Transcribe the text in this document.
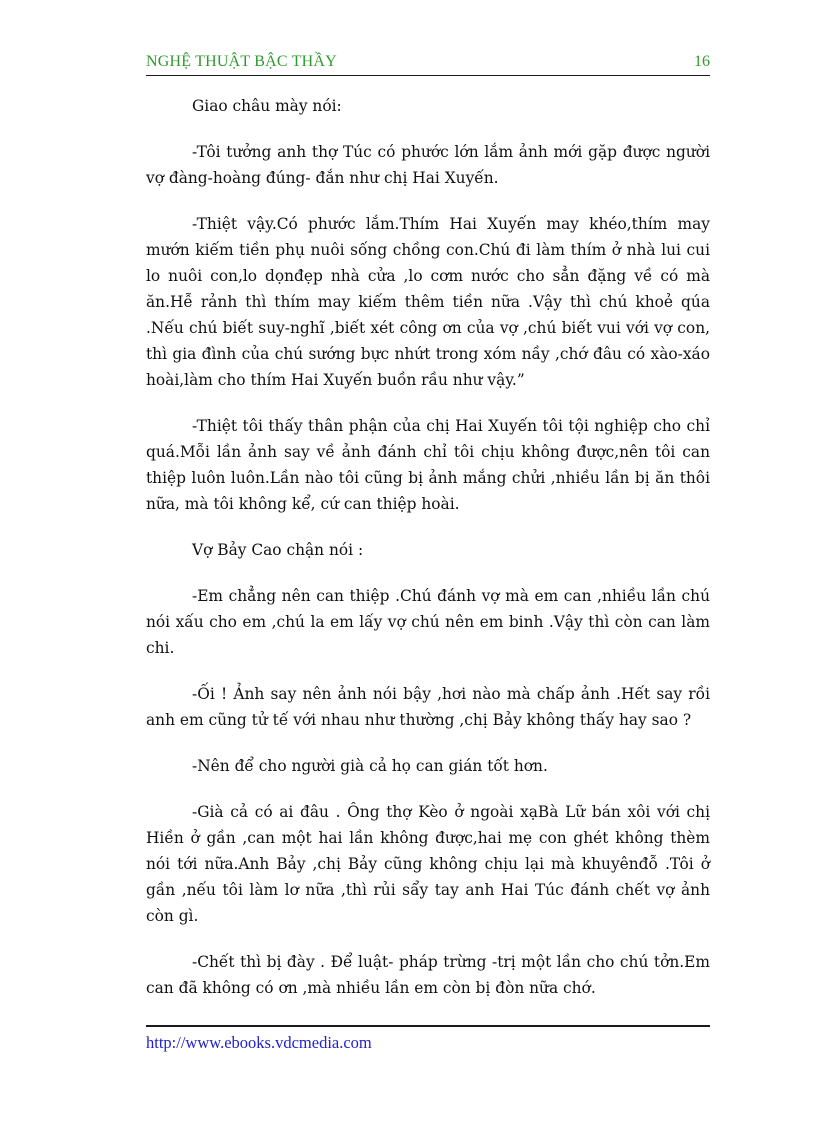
NGHỆ THUẬT BẬC THẦY	16

Giao châu mày nói:

-Tôi tưởng anh thợ Túc có phước lớn lắm ảnh mới gặp được người vợ đàng-hoàng đúng- đắn như chị Hai Xuyến.

-Thiệt vậy.Có phước lắm.Thím Hai Xuyến may khéo,thím may mướn kiếm tiền phụ nuôi sống chồng con.Chú đi làm thím ở nhà lui cui lo nuôi con,lo dọnđẹp nhà cửa ,lo cơm nước cho sẳn đặng về có mà ăn.Hễ rảnh thì thím may kiếm thêm tiền nữa .Vậy thì chú khoẻ qúa .Nếu chú biết suy-nghĩ ,biết xét công ơn của vợ ,chú biết vui với vợ con, thì gia đình của chú sướng bực nhứt trong xóm nầy ,chớ đâu có xào-xáo hoài,làm cho thím Hai Xuyến buồn rầu như vậy.”

-Thiệt tôi thấy thân phận của chị Hai Xuyến tôi tội nghiệp cho chỉ quá.Mỗi lần ảnh say về ảnh đánh chỉ tôi chịu không được,nên tôi can thiệp luôn luôn.Lần nào tôi cũng bị ảnh mắng chửi ,nhiều lần bị ăn thôi nữa, mà tôi không kể, cứ can thiệp hoài.

Vợ Bảy Cao chận nói :

-Em chẳng nên can thiệp .Chú đánh vợ mà em can ,nhiều lần chú nói xấu cho em ,chú la em lấy vợ chú nên em binh .Vậy thì còn can làm chi.

-Ối ! Ảnh say nên ảnh nói bậy ,hơi nào mà chấp ảnh .Hết say rồi anh em cũng tử tế với nhau như thường ,chị Bảy không thấy hay sao ?

-Nên để cho người già cả họ can gián tốt hơn.

-Già cả có ai đâu . Ông thợ Kèo ở ngoài xạBà Lữ bán xôi với chị Hiền ở gần ,can một hai lần không được,hai mẹ con ghét không thèm nói tới nữa.Anh Bảy ,chị Bảy cũng không chịu lại mà khuyênđỗ .Tôi ở gần ,nếu tôi làm lơ nữa ,thì rủi sẩy tay anh Hai Túc đánh chết vợ ảnh còn gì.

-Chết thì bị đày . Để luật- pháp trừng -trị một lần cho chú tởn.Em can đã không có ơn ,mà nhiều lần em còn bị đòn nữa chớ.

http://www.ebooks.vdcmedia.com
